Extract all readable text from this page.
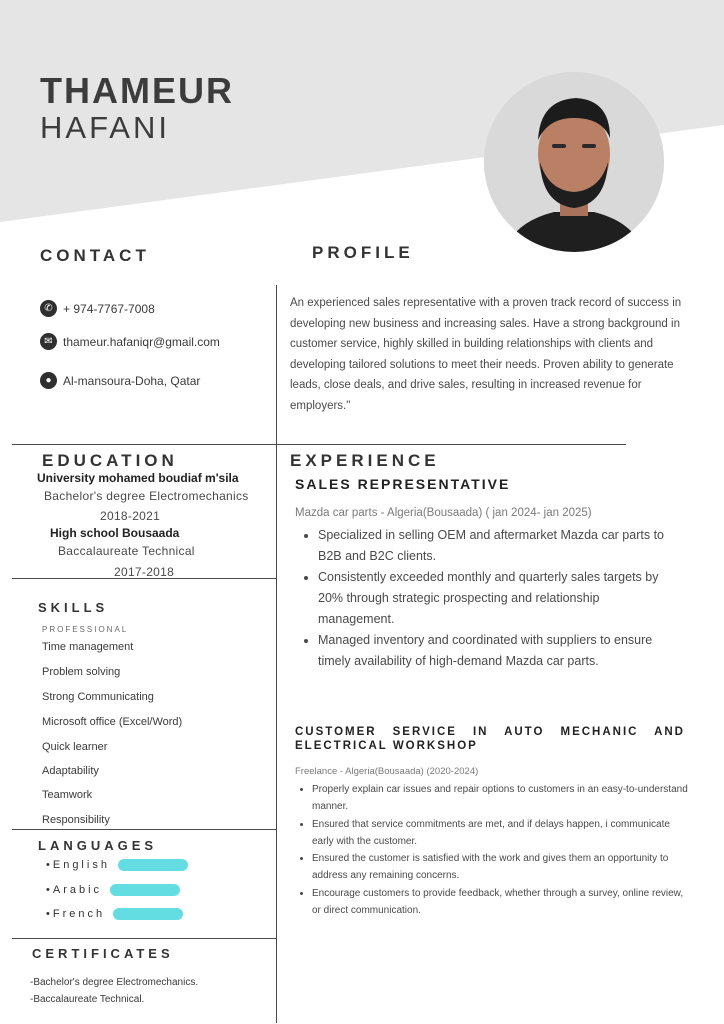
THAMEUR
HAFANI
CONTACT
✆ + 974-7767-7008
✉ thameur.hafaniqr@gmail.com
● Al-mansoura-Doha, Qatar
PROFILE
An experienced sales representative with a proven track record of success in developing new business and increasing sales. Have a strong background in customer service, highly skilled in building relationships with clients and developing tailored solutions to meet their needs. Proven ability to generate leads, close deals, and drive sales, resulting in increased revenue for employers."
EDUCATION
University mohamed boudiaf m'sila
Bachelor's degree Electromechanics
2018-2021
High school Bousaada
Baccalaureate Technical
2017-2018
SKILLS
PROFESSIONAL
Time management
Problem solving
Strong Communicating
Microsoft office (Excel/Word)
Quick learner
Adaptability
Teamwork
Responsibility
LANGUAGES
• English
• Arabic
• French
CERTIFICATES
-Bachelor's degree Electromechanics.
-Baccalaureate Technical.
EXPERIENCE
SALES REPRESENTATIVE
Mazda car parts - Algeria(Bousaada) ( jan 2024- jan 2025)
• Specialized in selling OEM and aftermarket Mazda car parts to B2B and B2C clients.
• Consistently exceeded monthly and quarterly sales targets by 20% through strategic prospecting and relationship management.
• Managed inventory and coordinated with suppliers to ensure timely availability of high-demand Mazda car parts.
CUSTOMER SERVICE IN AUTO MECHANIC AND ELECTRICAL WORKSHOP
Freelance - Algeria(Bousaada) (2020-2024)
• Properly explain car issues and repair options to customers in an easy-to-understand manner.
• Ensured that service commitments are met, and if delays happen, i communicate early with the customer.
• Ensured the customer is satisfied with the work and gives them an opportunity to address any remaining concerns.
• Encourage customers to provide feedback, whether through a survey, online review, or direct communication.
